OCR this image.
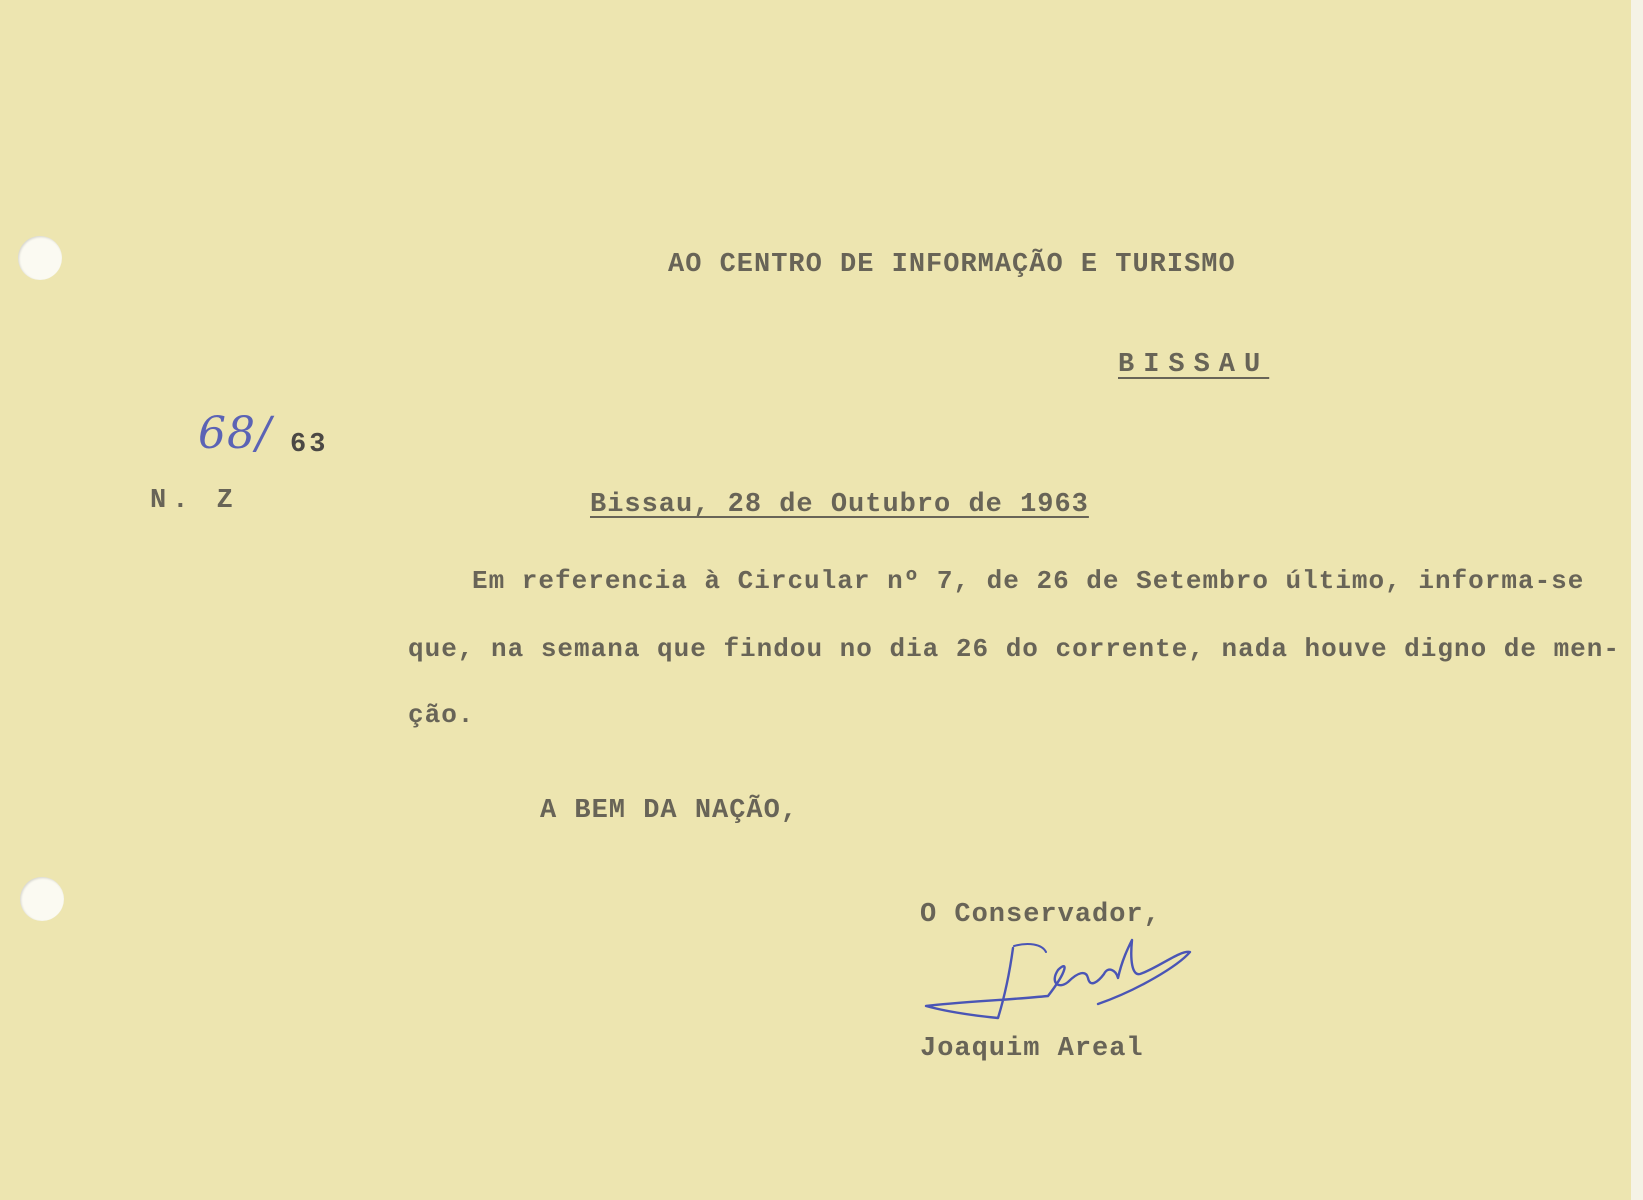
AO CENTRO DE INFORMAÇÃO E TURISMO
BISSAU
68/ 63
N. Z	Bissau, 28 de Outubro de 1963
Em referencia à Circular nº 7, de 26 de Setembro último, informa-se
que, na semana que findou no dia 26 do corrente, nada houve digno de men-
ção.
A BEM DA NAÇÃO,
O Conservador,
Joaquim Areal
